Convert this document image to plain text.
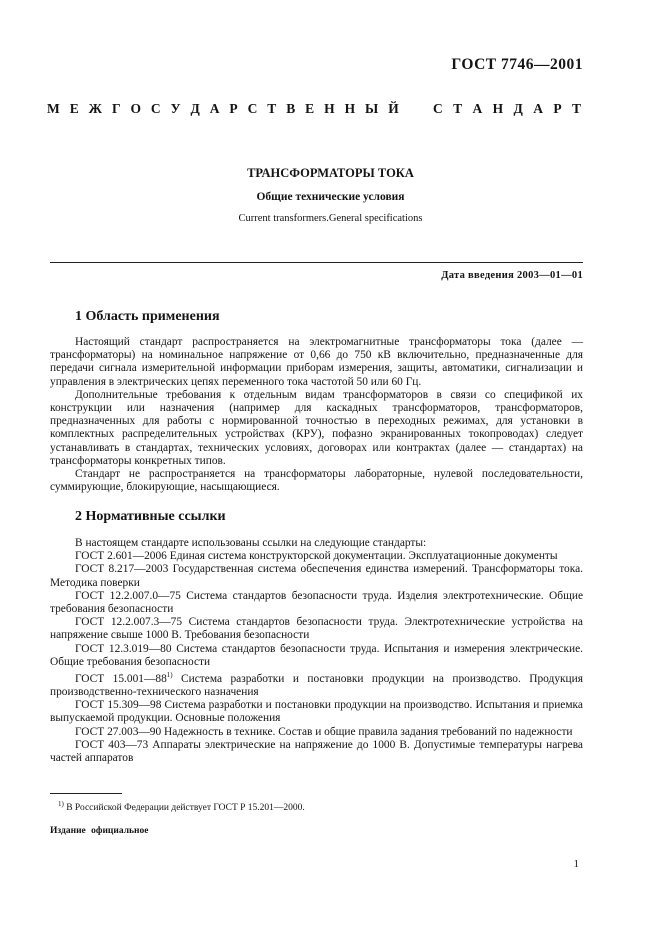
ГОСТ 7746—2001
М Е Ж Г О С У Д А Р С Т В Е Н Н Ы Й	С Т А Н Д А Р Т
ТРАНСФОРМАТОРЫ ТОКА
Общие технические условия
Current transformers.General specifications
Дата введения 2003—01—01
1 Область применения

Настоящий стандарт распространяется на электромагнитные трансформаторы тока (далее — трансформаторы) на номинальное напряжение от 0,66 до 750 кВ включительно, предназначенные для передачи сигнала измерительной информации приборам измерения, защиты, автоматики, сигнализации и управления в электрических цепях переменного тока частотой 50 или 60 Гц.

Дополнительные требования к отдельным видам трансформаторов в связи со спецификой их конструкции или назначения (например для каскадных трансформаторов, трансформаторов, предназначенных для работы с нормированной точностью в переходных режимах, для установки в комплектных распределительных устройствах (КРУ), пофазно экранированных токопроводах) следует устанавливать в стандартах, технических условиях, договорах или контрактах (далее — стандартах) на трансформаторы конкретных типов.

Стандарт не распространяется на трансформаторы лабораторные, нулевой последовательности, суммирующие, блокирующие, насыщающиеся.

2 Нормативные ссылки

В настоящем стандарте использованы ссылки на следующие стандарты:

ГОСТ 2.601—2006 Единая система конструкторской документации. Эксплуатационные документы

ГОСТ 8.217—2003 Государственная система обеспечения единства измерений. Трансформаторы тока. Методика поверки

ГОСТ 12.2.007.0—75 Система стандартов безопасности труда. Изделия электротехнические. Общие требования безопасности

ГОСТ 12.2.007.3—75 Система стандартов безопасности труда. Электротехнические устройства на напряжение свыше 1000 В. Требования безопасности

ГОСТ 12.3.019—80 Система стандартов безопасности труда. Испытания и измерения электрические. Общие требования безопасности

ГОСТ 15.001—88$^{1)}$ Система разработки и постановки продукции на производство. Продукция производственно-технического назначения

ГОСТ 15.309—98 Система разработки и постановки продукции на производство. Испытания и приемка выпускаемой продукции. Основные положения

ГОСТ 27.003—90 Надежность в технике. Состав и общие правила задания требований по надежности

ГОСТ 403—73 Аппараты электрические на напряжение до 1000 В. Допустимые температуры нагрева частей аппаратов

$^{1)}$ В Российской Федерации действует ГОСТ Р 15.201—2000.
Издание официальное
1
